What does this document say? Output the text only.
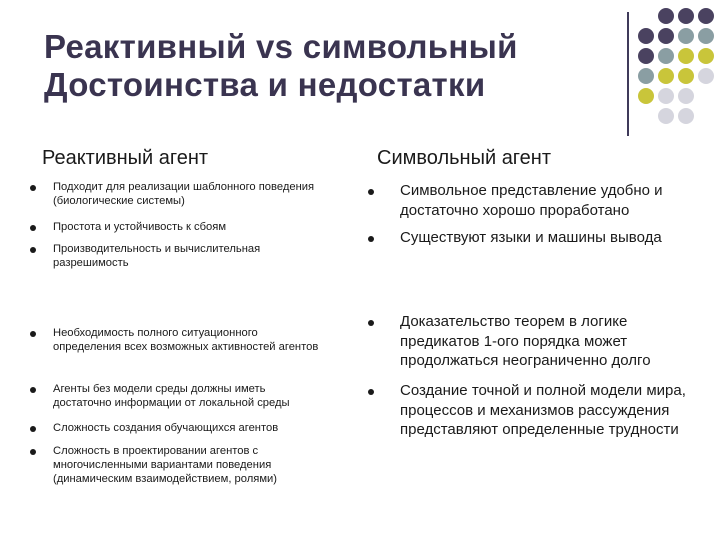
Реактивный vs символьный
Достоинства и недостатки
Реактивный агент	Символьный агент
Подходит для реализации шаблонного поведения (биологические системы)
Простота и устойчивость к сбоям
Производительность и вычислительная разрешимость
Необходимость полного ситуационного определения всех возможных активностей агентов
Агенты без модели среды должны иметь достаточно информации от локальной среды
Сложность создания обучающихся агентов
Сложность в проектировании агентов с многочисленными вариантами поведения (динамическим взаимодействием, ролями)
Символьное представление удобно и достаточно хорошо проработано
Существуют языки и машины вывода
Доказательство теорем в логике предикатов 1-ого порядка может продолжаться неограниченно долго
Создание точной и полной модели мира, процессов и механизмов рассуждения представляют определенные трудности
